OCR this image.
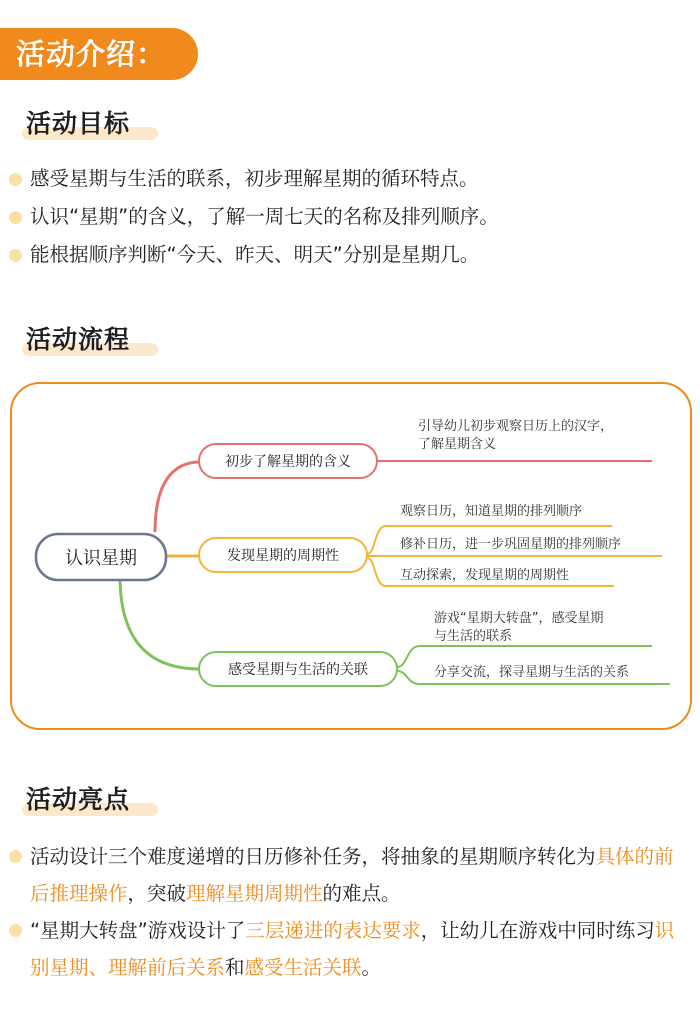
活动介绍：
活动目标
感受星期与生活的联系，初步理解星期的循环特点。
认识“星期”的含义，了解一周七天的名称及排列顺序。
能根据顺序判断“今天、昨天、明天”分别是星期几。
活动流程
认识星期
初步了解星期的含义
引导幼儿初步观察日历上的汉字，
了解星期含义
发现星期的周期性
观察日历，知道星期的排列顺序
修补日历，进一步巩固星期的排列顺序
互动探索，发现星期的周期性
感受星期与生活的关联
游戏“星期大转盘”，感受星期
与生活的联系
分享交流，探寻星期与生活的关系
活动亮点
活动设计三个难度递增的日历修补任务，将抽象的星期顺序转化为具体的前后推理操作，突破理解星期周期性的难点。
“星期大转盘”游戏设计了三层递进的表达要求，让幼儿在游戏中同时练习识别星期、理解前后关系和感受生活关联。
